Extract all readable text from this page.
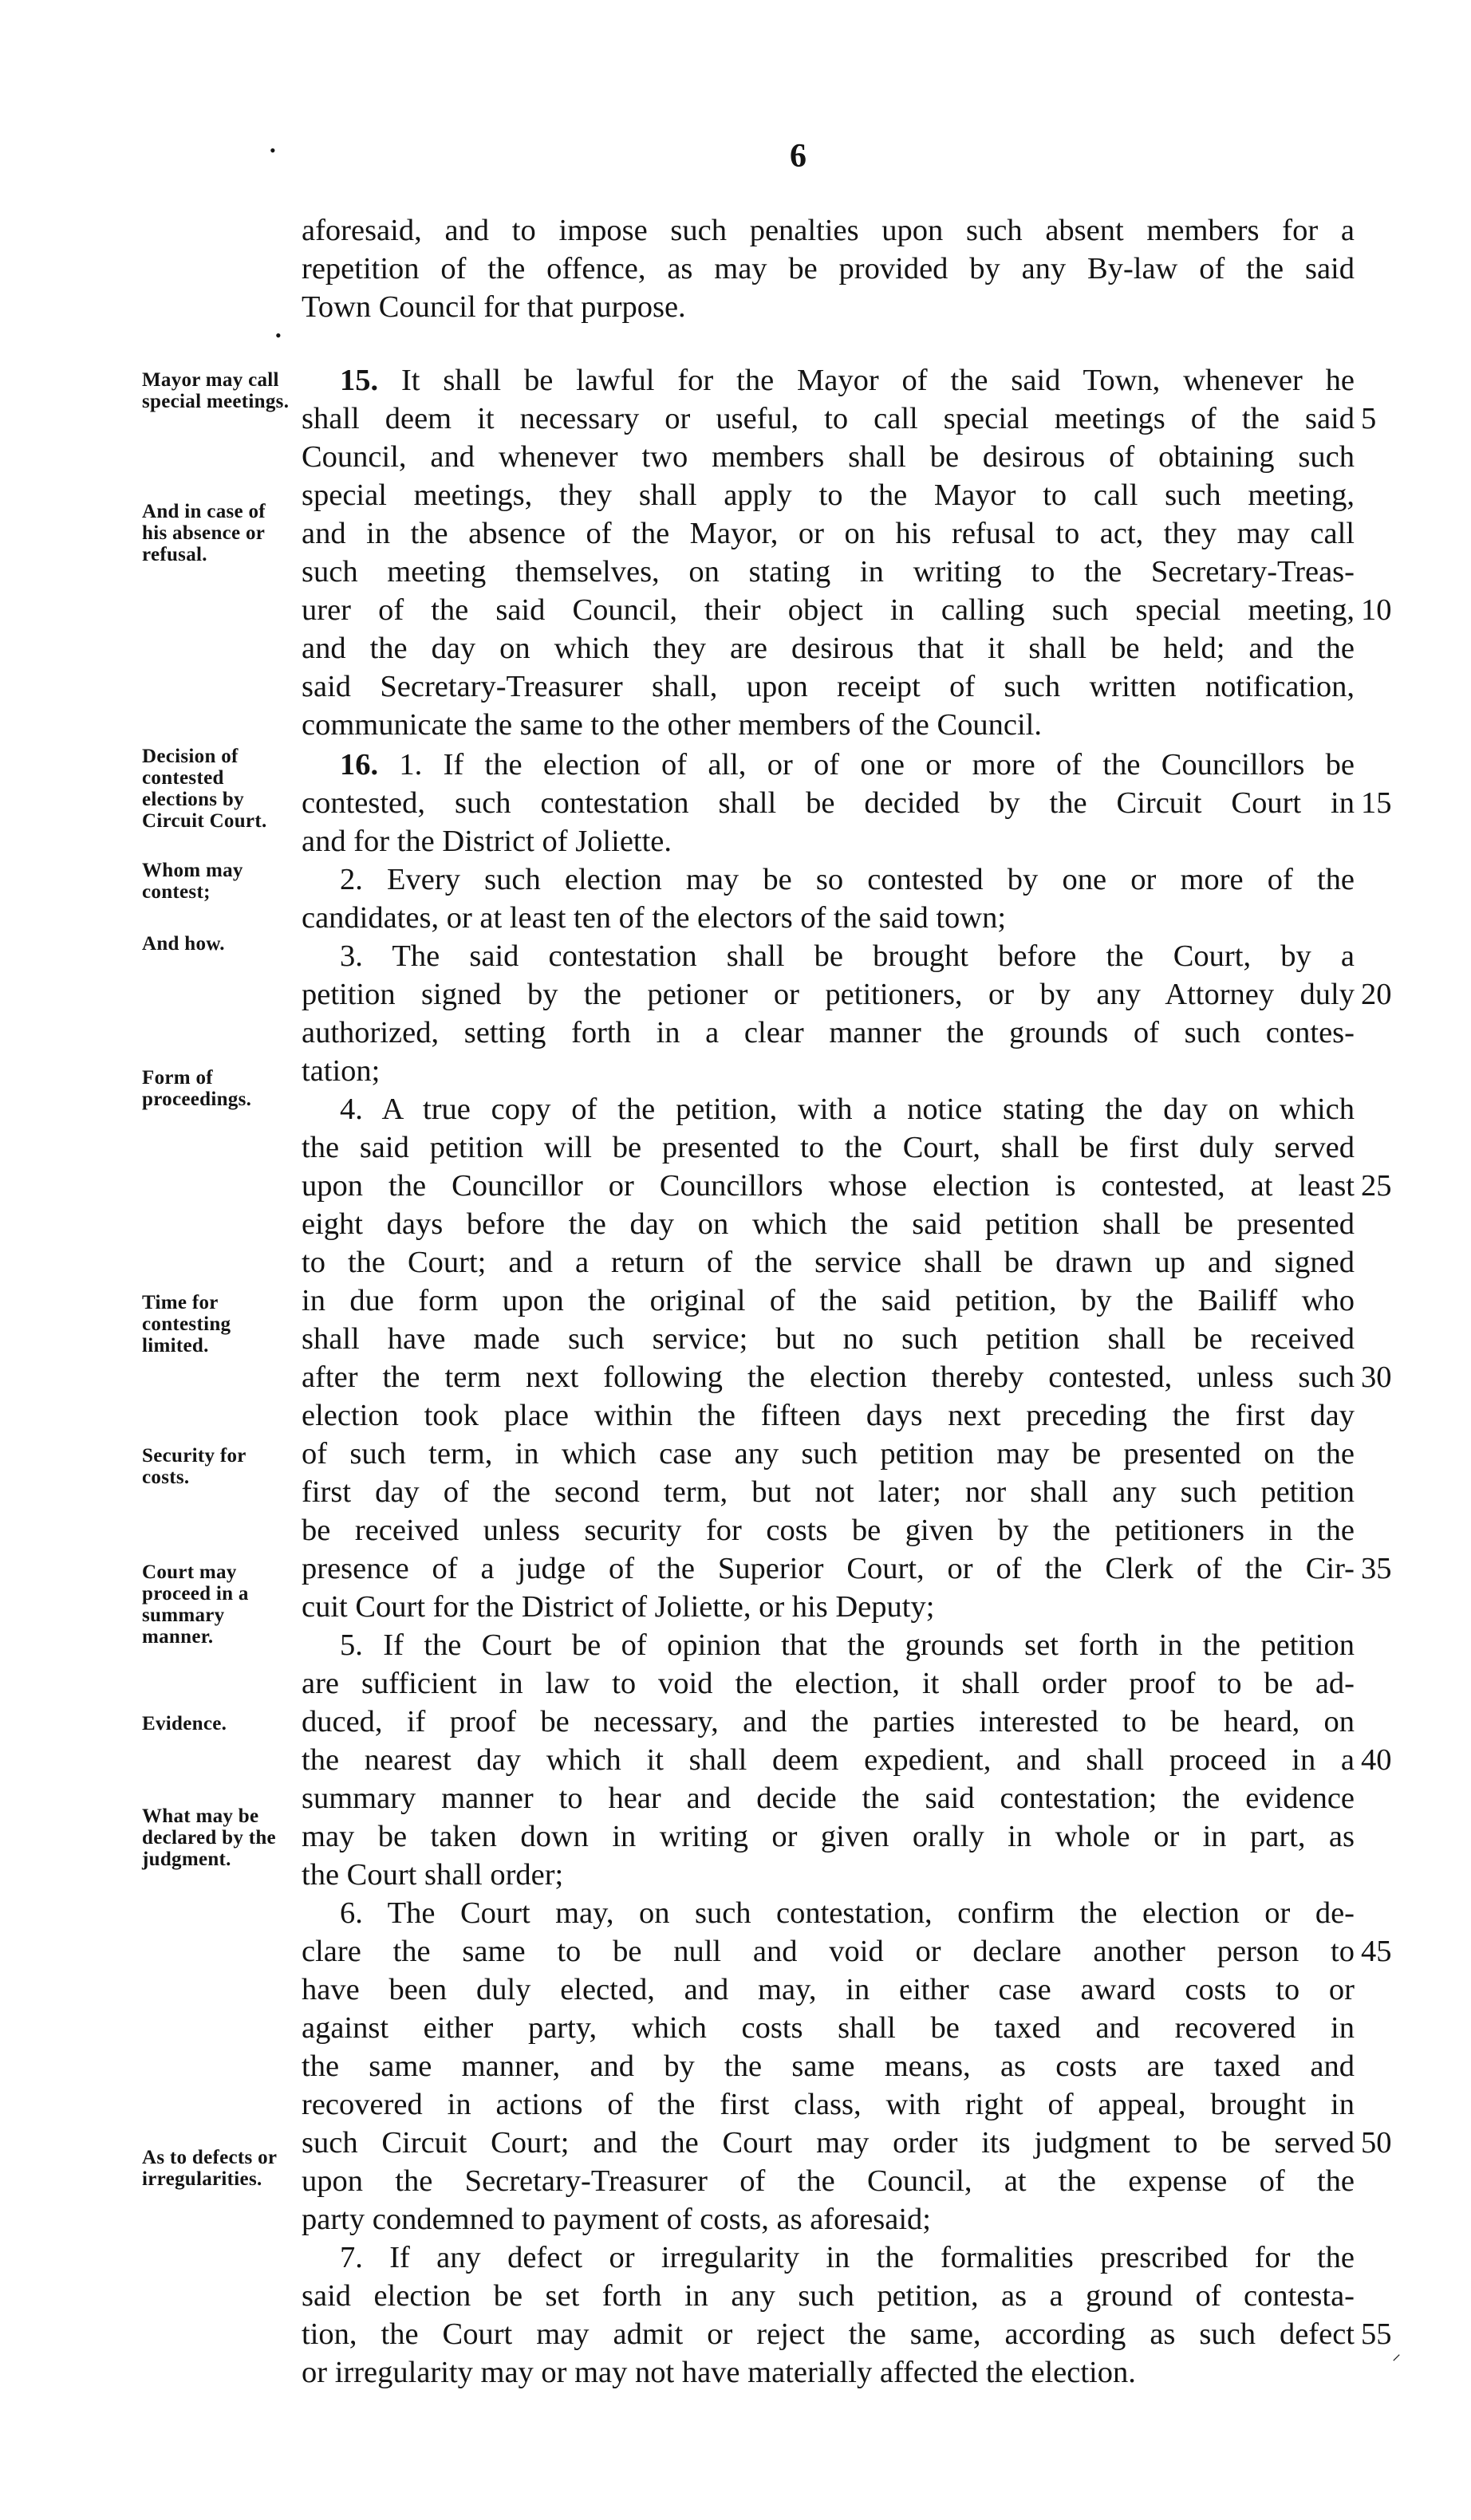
6
•
Mayor may call special meetings.
And in case of his absence or refusal.
Decision of contested elections by Circuit Court.
Whom may contest;
And how.
Form of proceedings.
Time for contesting limited.
Security for costs.
Court may proceed in a summary manner.
Evidence.
What may be declared by the judgment.
As to defects or irregularities.
aforesaid, and to impose such penalties upon such absent members for a
repetition of the offence, as may be provided by any By-law of the said
Town Council for that purpose.
15. It shall be lawful for the Mayor of the said Town, whenever he
shall deem it necessary or useful, to call special meetings of the said
Council, and whenever two members shall be desirous of obtaining such
special meetings, they shall apply to the Mayor to call such meeting,
and in the absence of the Mayor, or on his refusal to act, they may call
such meeting themselves, on stating in writing to the Secretary-Treas-
urer of the said Council, their object in calling such special meeting,
and the day on which they are desirous that it shall be held; and the
said Secretary-Treasurer shall, upon receipt of such written notification,
communicate the same to the other members of the Council.
16. 1. If the election of all, or of one or more of the Councillors be
contested, such contestation shall be decided by the Circuit Court in
and for the District of Joliette.
2. Every such election may be so contested by one or more of the
candidates, or at least ten of the electors of the said town;
3. The said contestation shall be brought before the Court, by a
petition signed by the petioner or petitioners, or by any Attorney duly
authorized, setting forth in a clear manner the grounds of such contes-
tation;
4. A true copy of the petition, with a notice stating the day on which
the said petition will be presented to the Court, shall be first duly served
upon the Councillor or Councillors whose election is contested, at least
eight days before the day on which the said petition shall be presented
to the Court; and a return of the service shall be drawn up and signed
in due form upon the original of the said petition, by the Bailiff who
shall have made such service; but no such petition shall be received
after the term next following the election thereby contested, unless such
election took place within the fifteen days next preceding the first day
of such term, in which case any such petition may be presented on the
first day of the second term, but not later; nor shall any such petition
be received unless security for costs be given by the petitioners in the
presence of a judge of the Superior Court, or of the Clerk of the Cir-
cuit Court for the District of Joliette, or his Deputy;
5. If the Court be of opinion that the grounds set forth in the petition
are sufficient in law to void the election, it shall order proof to be ad-
duced, if proof be necessary, and the parties interested to be heard, on
the nearest day which it shall deem expedient, and shall proceed in a
summary manner to hear and decide the said contestation; the evidence
may be taken down in writing or given orally in whole or in part, as
the Court shall order;
6. The Court may, on such contestation, confirm the election or de-
clare the same to be null and void or declare another person to
have been duly elected, and may, in either case award costs to or
against either party, which costs shall be taxed and recovered in
the same manner, and by the same means, as costs are taxed and
recovered in actions of the first class, with right of appeal, brought in
such Circuit Court; and the Court may order its judgment to be served
upon the Secretary-Treasurer of the Council, at the expense of the
party condemned to payment of costs, as aforesaid;
7. If any defect or irregularity in the formalities prescribed for the
said election be set forth in any such petition, as a ground of contesta-
tion, the Court may admit or reject the same, according as such defect
or irregularity may or may not have materially affected the election.
5
10
15
20
25
30
35
40
45
50
55
•
⸍
